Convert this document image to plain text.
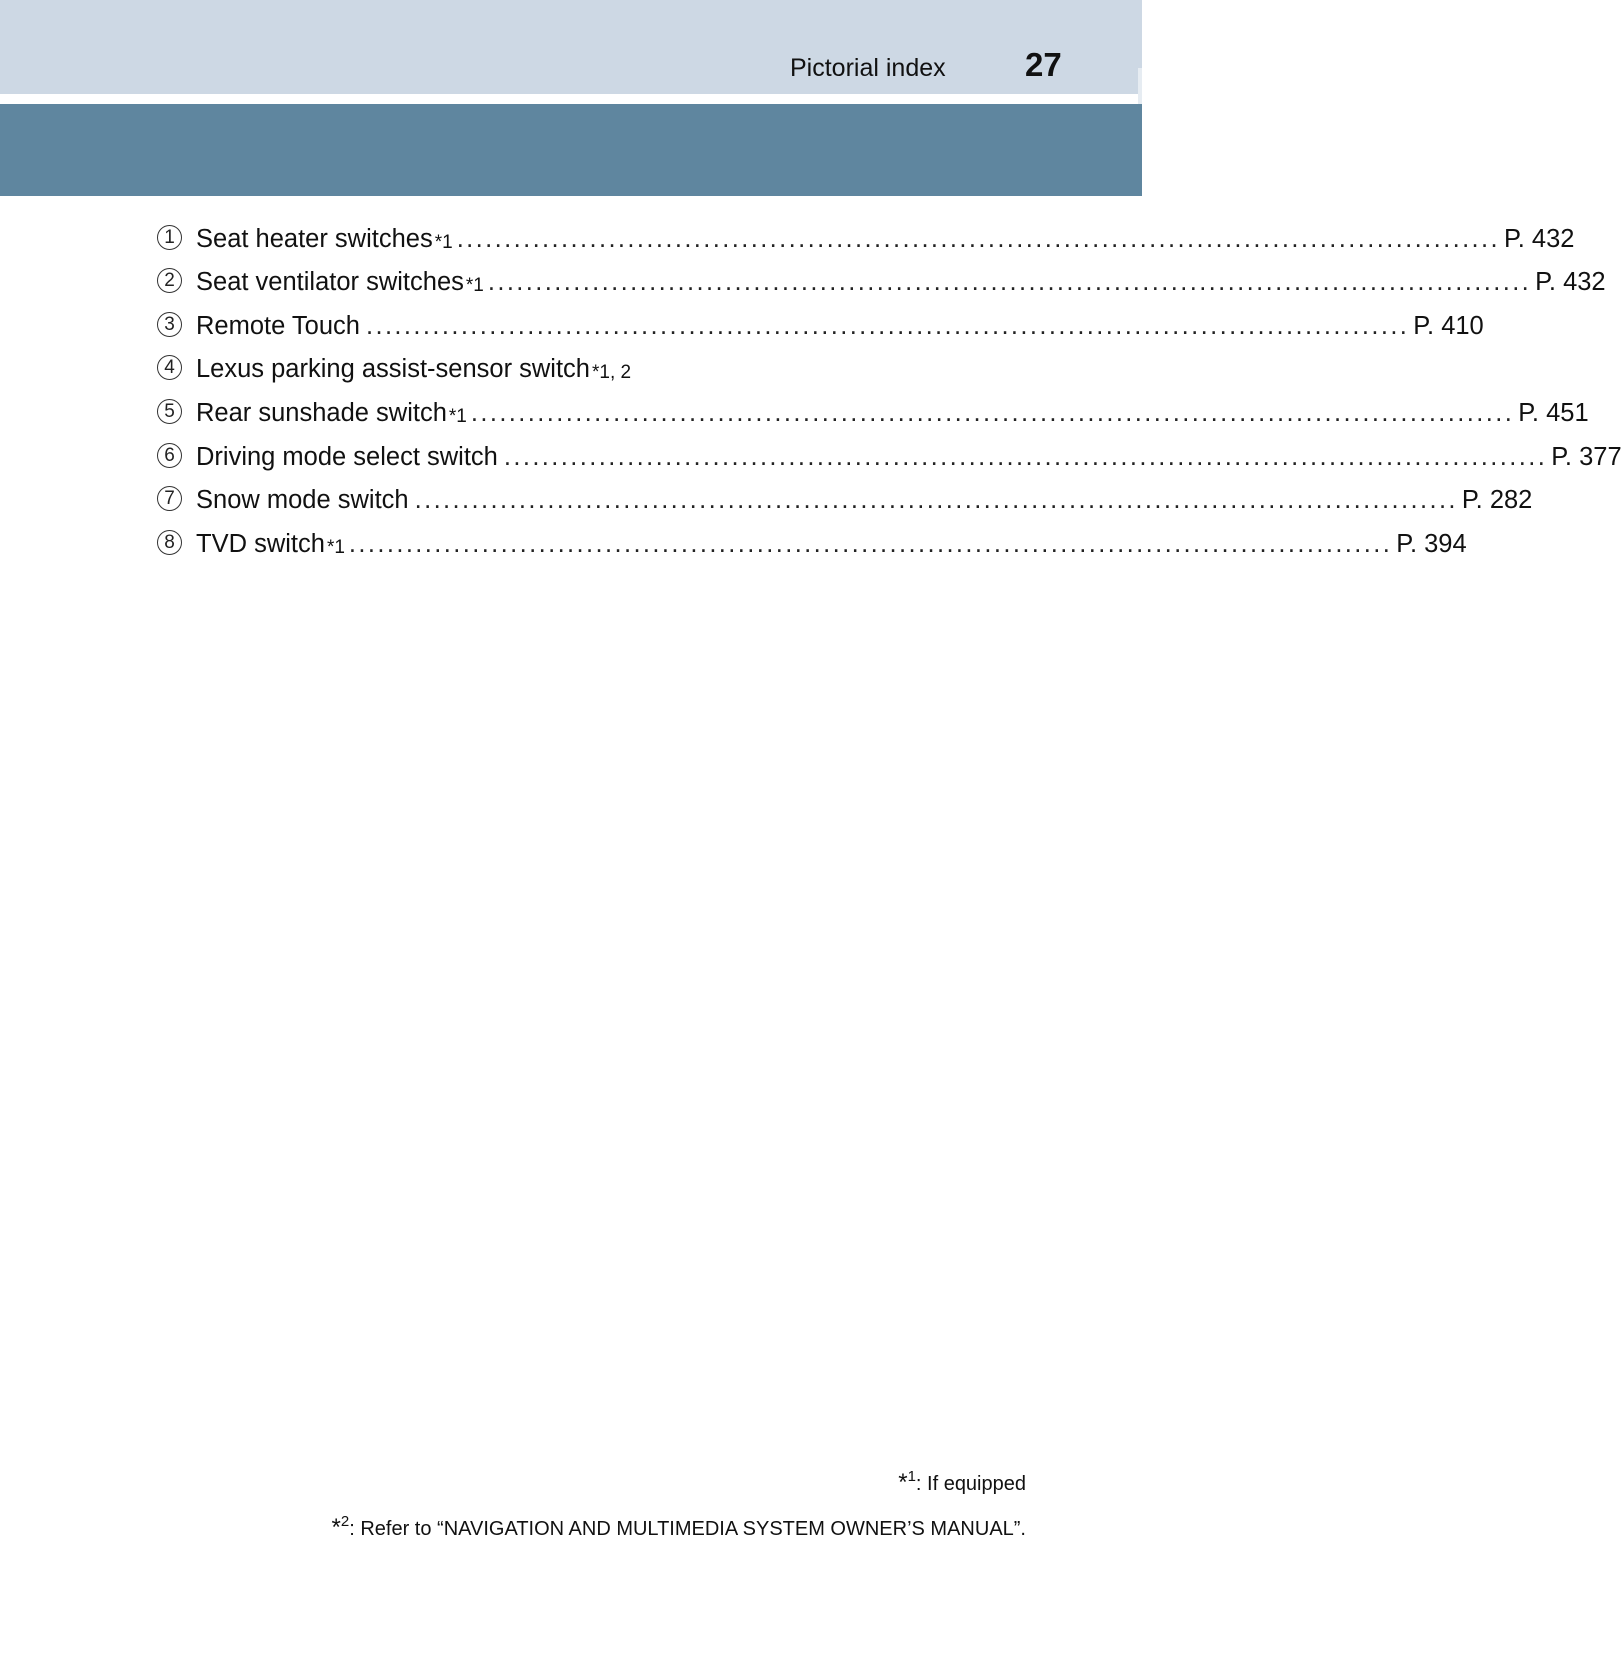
Pictorial index 27
1 Seat heater switches *1 .............................................................................................................. P. 432
2 Seat ventilator switches *1 .............................................................................................................. P. 432
3 Remote Touch .............................................................................................................. P. 410
4 Lexus parking assist-sensor switch *1, 2
5 Rear sunshade switch *1 .............................................................................................................. P. 451
6 Driving mode select switch .............................................................................................................. P. 377
7 Snow mode switch .............................................................................................................. P. 282
8 TVD switch *1 .............................................................................................................. P. 394
*$^1$: If equipped
*$^2$: Refer to “NAVIGATION AND MULTIMEDIA SYSTEM OWNER’S MANUAL”.
